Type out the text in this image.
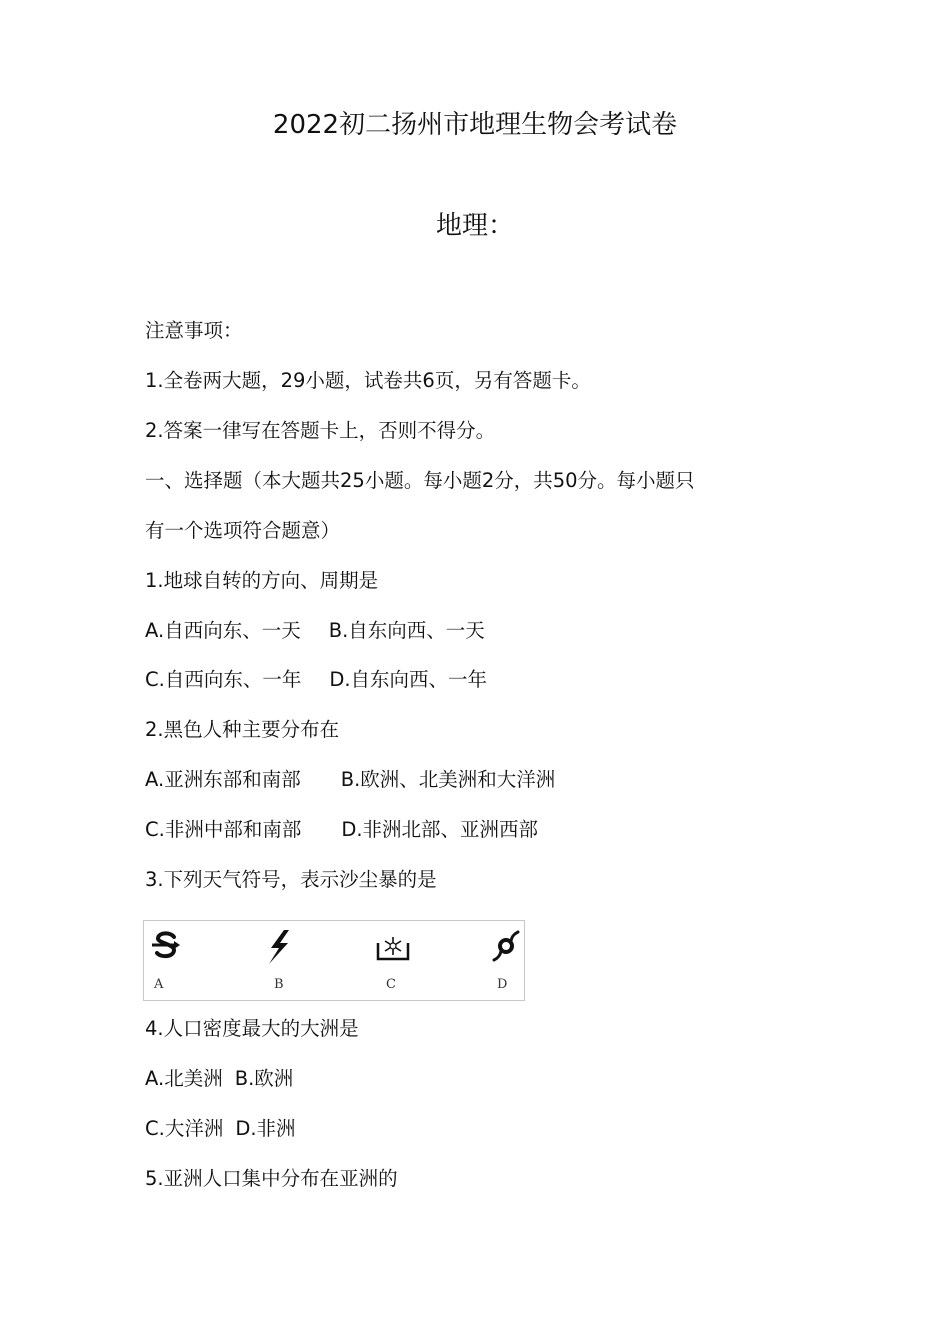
2022初二扬州市地理生物会考试卷
地理：

注意事项：

1.全卷两大题，29小题，试卷共6页，另有答题卡。

2.答案一律写在答题卡上，否则不得分。

一、选择题（本大题共25小题。每小题2分，共50分。每小题只

有一个选项符合题意）

1.地球自转的方向、周期是

A.自西向东、一天 B.自东向西、一天

C.自西向东、一年 D.自东向西、一年

2.黑色人种主要分布在

A.亚洲东部和南部 B.欧洲、北美洲和大洋洲

C.非洲中部和南部 D.非洲北部、亚洲西部

3.下列天气符号，表示沙尘暴的是

A	B	C	D

4.人口密度最大的大洲是

A.北美洲 B.欧洲

C.大洋洲 D.非洲

5.亚洲人口集中分布在亚洲的
